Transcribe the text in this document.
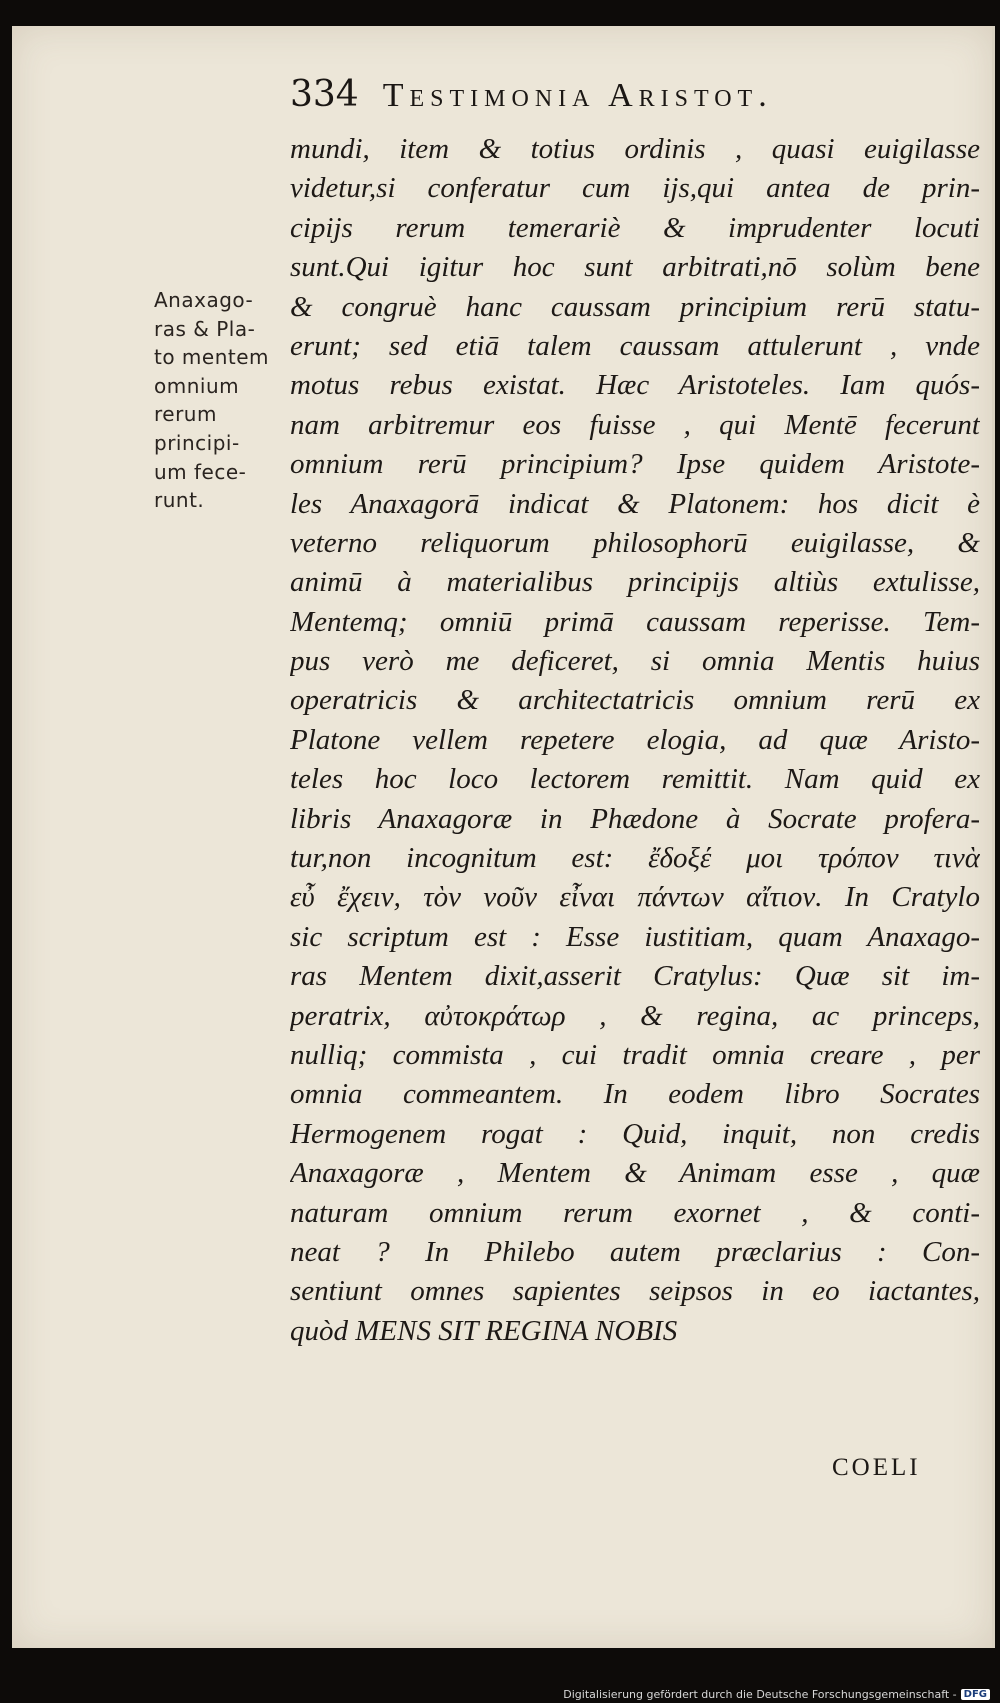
334 Testimonia Aristot.
Anaxago-
ras & Pla-
to mentem
omnium
rerum
principi-
um fece-
runt.
mundi, item & totius ordinis , quasi euigilasse
videtur,si conferatur cum ijs,qui antea de prin-
cipijs rerum temerariè & imprudenter locuti
sunt.Qui igitur hoc sunt arbitrati,nō solùm bene
& congruè hanc caussam principium rerū statu-
erunt; sed etiā talem caussam attulerunt , vnde
motus rebus existat. Hæc Aristoteles. Iam quós-
nam arbitremur eos fuisse , qui Mentē fecerunt
omnium rerū principium? Ipse quidem Aristote-
les Anaxagorā indicat & Platonem: hos dicit è
veterno reliquorum philosophorū euigilasse, &
animū à materialibus principijs altiùs extulisse,
Mentemq; omniū primā caussam reperisse. Tem-
pus verò me deficeret, si omnia Mentis huius
operatricis & architectatricis omnium rerū ex
Platone vellem repetere elogia, ad quæ Aristo-
teles hoc loco lectorem remittit. Nam quid ex
libris Anaxagoræ in Phædone à Socrate profera-
tur,non incognitum est: ἔδοξέ μοι τρόπον τινὰ
εὖ ἔχειν, τὸν νοῦν εἶναι πάντων αἴτιον. In Cratylo
sic scriptum est : Esse iustitiam, quam Anaxago-
ras Mentem dixit,asserit Cratylus: Quæ sit im-
peratrix, αὐτοκράτωρ , & regina, ac princeps,
nulliq; commista , cui tradit omnia creare , per
omnia commeantem. In eodem libro Socrates
Hermogenem rogat : Quid, inquit, non credis
Anaxagoræ , Mentem & Animam esse , quæ
naturam omnium rerum exornet , & conti-
neat ? In Philebo autem præclarius : Con-
sentiunt omnes sapientes seipsos in eo iactantes,
quòd MENS SIT REGINA NOBIS
COELI
Digitalisierung gefördert durch die Deutsche Forschungsgemeinschaft - DFG
